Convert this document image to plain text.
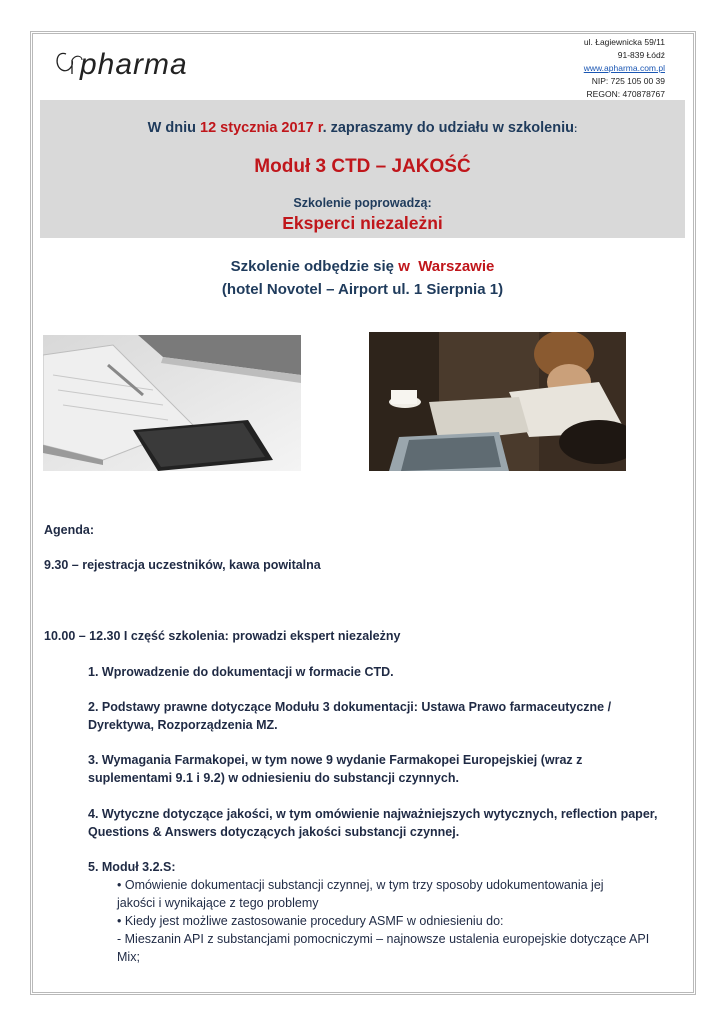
pharma
ul. Łagiewnicka 59/11
91-839 Łódź
www.apharma.com.pl
NIP: 725 105 00 39
REGON: 470878767
W dniu 12 stycznia 2017 r. zapraszamy do udziału w szkoleniu:
Moduł 3 CTD – JAKOŚĆ
Szkolenie poprowadzą:
Eksperci niezależni
Szkolenie odbędzie się w Warszawie
(hotel Novotel – Airport ul. 1 Sierpnia 1)
Agenda:
9.30 – rejestracja uczestników, kawa powitalna
10.00 – 12.30 I część szkolenia: prowadzi ekspert niezależny
1. Wprowadzenie do dokumentacji w formacie CTD.
2. Podstawy prawne dotyczące Modułu 3 dokumentacji: Ustawa Prawo farmaceutyczne /
Dyrektywa, Rozporządzenia MZ.
3. Wymagania Farmakopei, w tym nowe 9 wydanie Farmakopei Europejskiej (wraz z
suplementami 9.1 i 9.2) w odniesieniu do substancji czynnych.
4. Wytyczne dotyczące jakości, w tym omówienie najważniejszych wytycznych, reflection paper,
Questions & Answers dotyczących jakości substancji czynnej.
5. Moduł 3.2.S:
• Omówienie dokumentacji substancji czynnej, w tym trzy sposoby udokumentowania jej
jakości i wynikające z tego problemy
• Kiedy jest możliwe zastosowanie procedury ASMF w odniesieniu do:
- Mieszanin API z substancjami pomocniczymi – najnowsze ustalenia europejskie dotyczące API
Mix;
